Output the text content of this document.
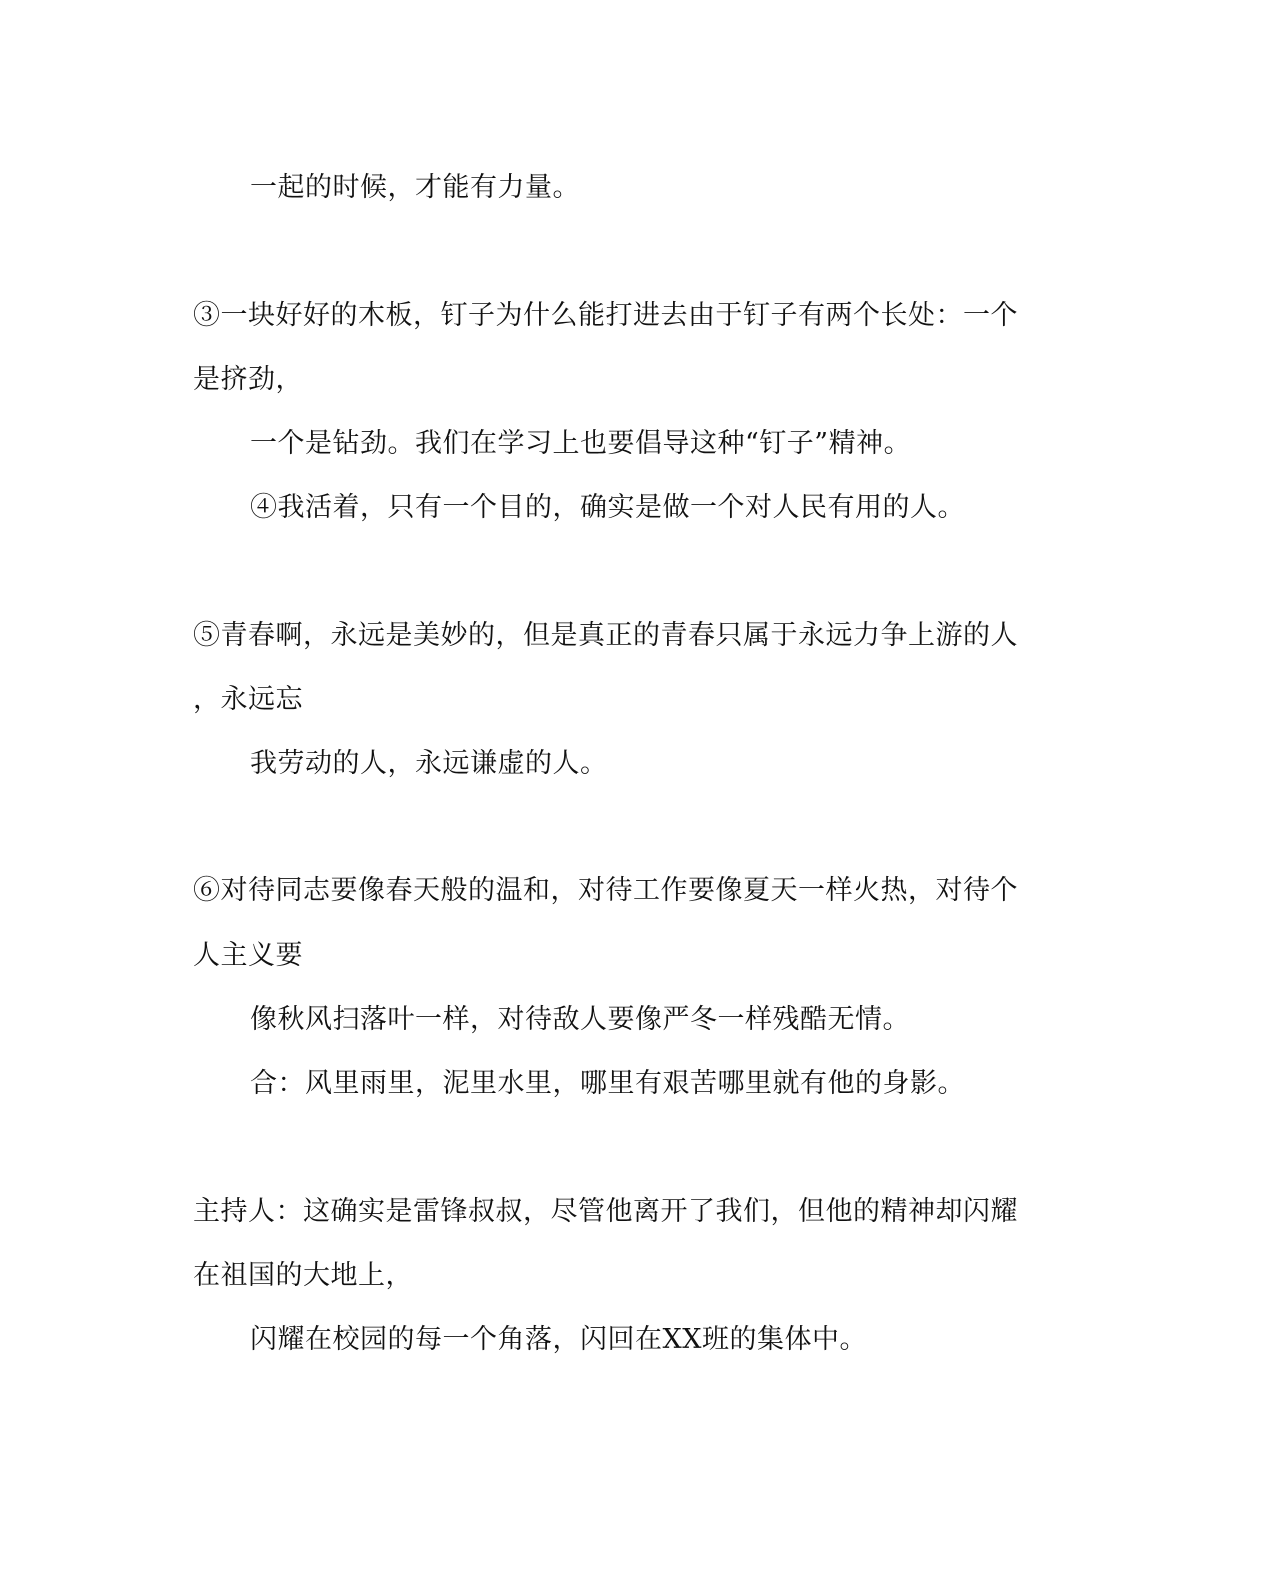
一起的时候，才能有力量。
③一块好好的木板，钉子为什么能打进去由于钉子有两个长处：一个
是挤劲，
一个是钻劲。我们在学习上也要倡导这种“钉子”精神。
④我活着，只有一个目的，确实是做一个对人民有用的人。
⑤青春啊，永远是美妙的，但是真正的青春只属于永远力争上游的人
，永远忘
我劳动的人，永远谦虚的人。
⑥对待同志要像春天般的温和，对待工作要像夏天一样火热，对待个
人主义要
像秋风扫落叶一样，对待敌人要像严冬一样残酷无情。
合：风里雨里，泥里水里，哪里有艰苦哪里就有他的身影。
主持人：这确实是雷锋叔叔，尽管他离开了我们，但他的精神却闪耀
在祖国的大地上，
闪耀在校园的每一个角落，闪回在XX班的集体中。
